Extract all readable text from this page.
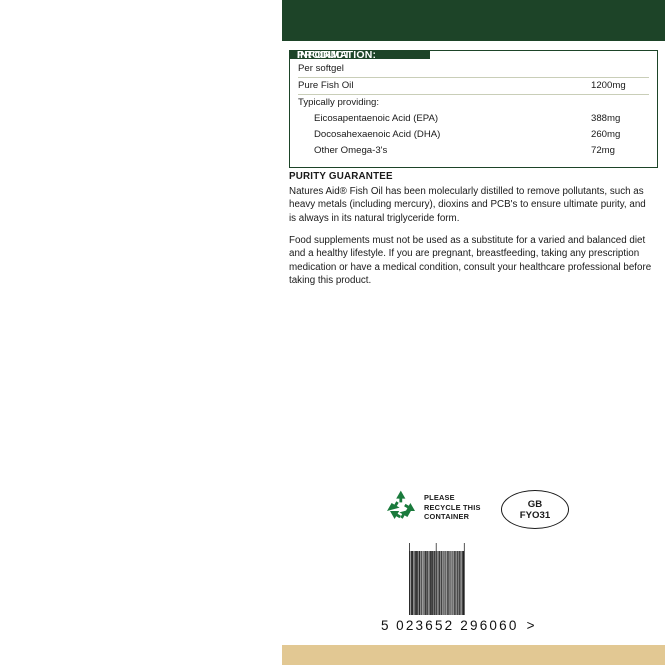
PRODUCT INFORMATION:
Per softgel
Pure Fish Oil	1200mg
Typically providing:
Eicosapentaenoic Acid (EPA)	388mg
Docosahexaenoic Acid (DHA)	260mg
Other Omega-3's	72mg
PURITY GUARANTEE
Natures Aid® Fish Oil has been molecularly distilled to remove pollutants, such as heavy metals (including mercury), dioxins and PCB's to ensure ultimate purity, and is always in its natural triglyceride form.
Food supplements must not be used as a substitute for a varied and balanced diet and a healthy lifestyle. If you are pregnant, breastfeeding, taking any prescription medication or have a medical condition, consult your healthcare professional before taking this product.
PLEASE
RECYCLE THIS
CONTAINER
GB
FYO31
5 023652 296060 >
